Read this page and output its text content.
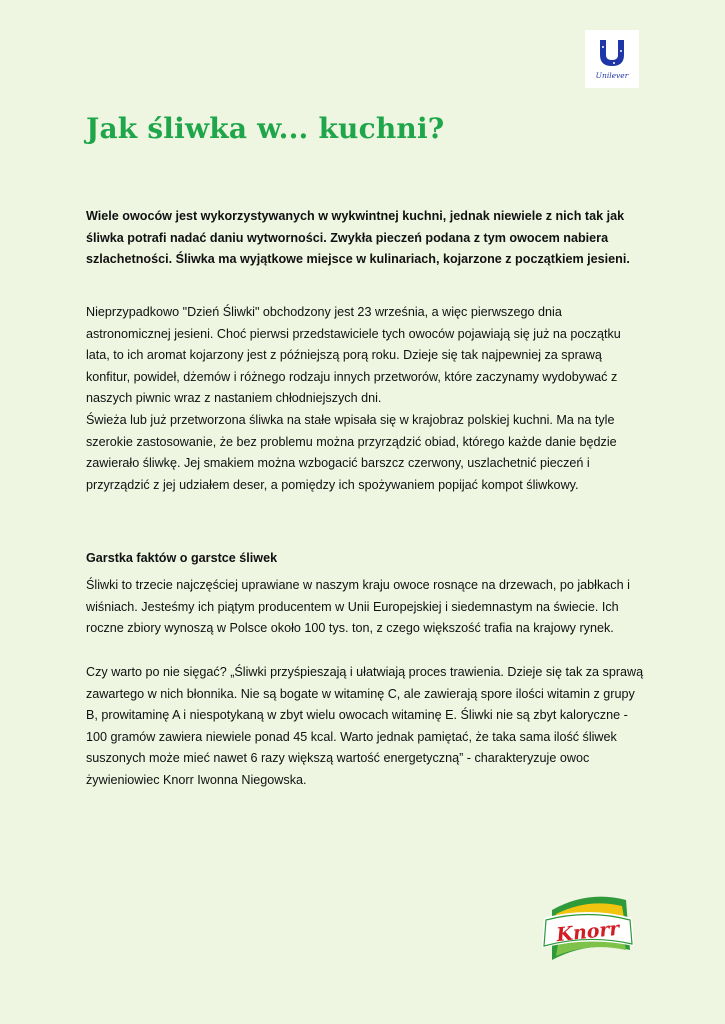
Unilever
Jak śliwka w... kuchni?

Wiele owoców jest wykorzystywanych w wykwintnej kuchni, jednak niewiele z nich tak jak śliwka potrafi nadać daniu wytworności. Zwykła pieczeń podana z tym owocem nabiera szlachetności. Śliwka ma wyjątkowe miejsce w kulinariach, kojarzone z początkiem jesieni.

Nieprzypadkowo "Dzień Śliwki" obchodzony jest 23 września, a więc pierwszego dnia astronomicznej jesieni. Choć pierwsi przedstawiciele tych owoców pojawiają się już na początku lata, to ich aromat kojarzony jest z późniejszą porą roku. Dzieje się tak najpewniej za sprawą konfitur, powideł, dżemów i różnego rodzaju innych przetworów, które zaczynamy wydobywać z naszych piwnic wraz z nastaniem chłodniejszych dni.

Świeża lub już przetworzona śliwka na stałe wpisała się w krajobraz polskiej kuchni. Ma na tyle szerokie zastosowanie, że bez problemu można przyrządzić obiad, którego każde danie będzie zawierało śliwkę. Jej smakiem można wzbogacić barszcz czerwony, uszlachetnić pieczeń i przyrządzić z jej udziałem deser, a pomiędzy ich spożywaniem popijać kompot śliwkowy.

Garstka faktów o garstce śliwek

Śliwki to trzecie najczęściej uprawiane w naszym kraju owoce rosnące na drzewach, po jabłkach i wiśniach. Jesteśmy ich piątym producentem w Unii Europejskiej i siedemnastym na świecie. Ich roczne zbiory wynoszą w Polsce około 100 tys. ton, z czego większość trafia na krajowy rynek.

Czy warto po nie sięgać? „Śliwki przyśpieszają i ułatwiają proces trawienia. Dzieje się tak za sprawą zawartego w nich błonnika. Nie są bogate w witaminę C, ale zawierają spore ilości witamin z grupy B, prowitaminę A i niespotykaną w zbyt wielu owocach witaminę E. Śliwki nie są zbyt kaloryczne - 100 gramów zawiera niewiele ponad 45 kcal. Warto jednak pamiętać, że taka sama ilość śliwek suszonych może mieć nawet 6 razy większą wartość energetyczną” - charakteryzuje owoc żywieniowiec Knorr Iwonna Niegowska.

Knorr
